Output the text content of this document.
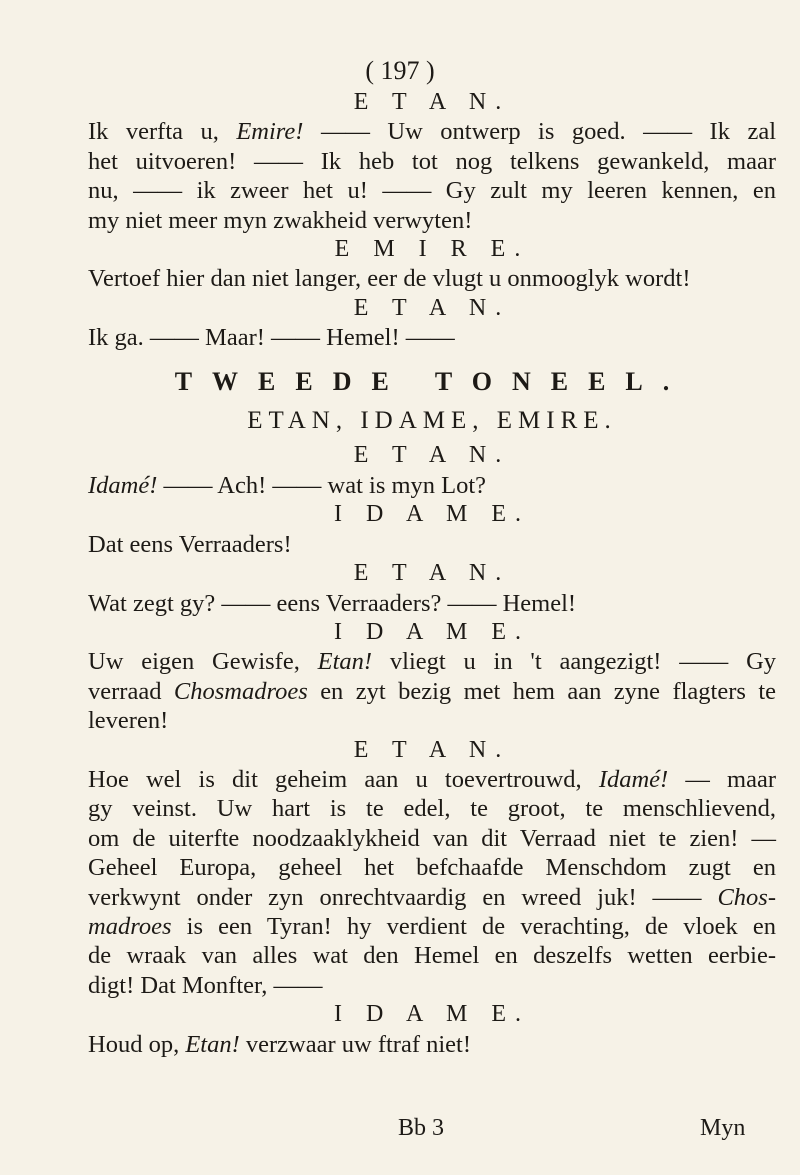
( 197 )

E T A N.

Ik verfta u, Emire! —— Uw ontwerp is goed. —— Ik zal
het uitvoeren! —— Ik heb tot nog telkens gewankeld, maar
nu, —— ik zweer het u! —— Gy zult my leeren kennen, en
my niet meer myn zwakheid verwyten!

E M I R E.

Vertoef hier dan niet langer, eer de vlugt u onmooglyk wordt!

E T A N.

Ik ga. —— Maar! —— Hemel! ——

TWEEDE TONEEL.

ETAN, IDAME, EMIRE.

E T A N.

Idamé! —— Ach! —— wat is myn Lot?

I D A M E.

Dat eens Verraaders!

E T A N.

Wat zegt gy? —— eens Verraaders? —— Hemel!

I D A M E.

Uw eigen Gewisfe, Etan! vliegt u in 't aangezigt! —— Gy
verraad Chosmadroes en zyt bezig met hem aan zyne flagters te
leveren!

E T A N.

Hoe wel is dit geheim aan u toevertrouwd, Idamé! — maar
gy veinst. Uw hart is te edel, te groot, te menschlievend,
om de uiterfte noodzaaklykheid van dit Verraad niet te zien! —
Geheel Europa, geheel het befchaafde Menschdom zugt en
verkwynt onder zyn onrechtvaardig en wreed juk! —— Chos-
madroes is een Tyran! hy verdient de verachting, de vloek en
de wraak van alles wat den Hemel en deszelfs wetten eerbie-
digt! Dat Monfter, ——

I D A M E.

Houd op, Etan! verzwaar uw ftraf niet!

Bb 3	Myn
